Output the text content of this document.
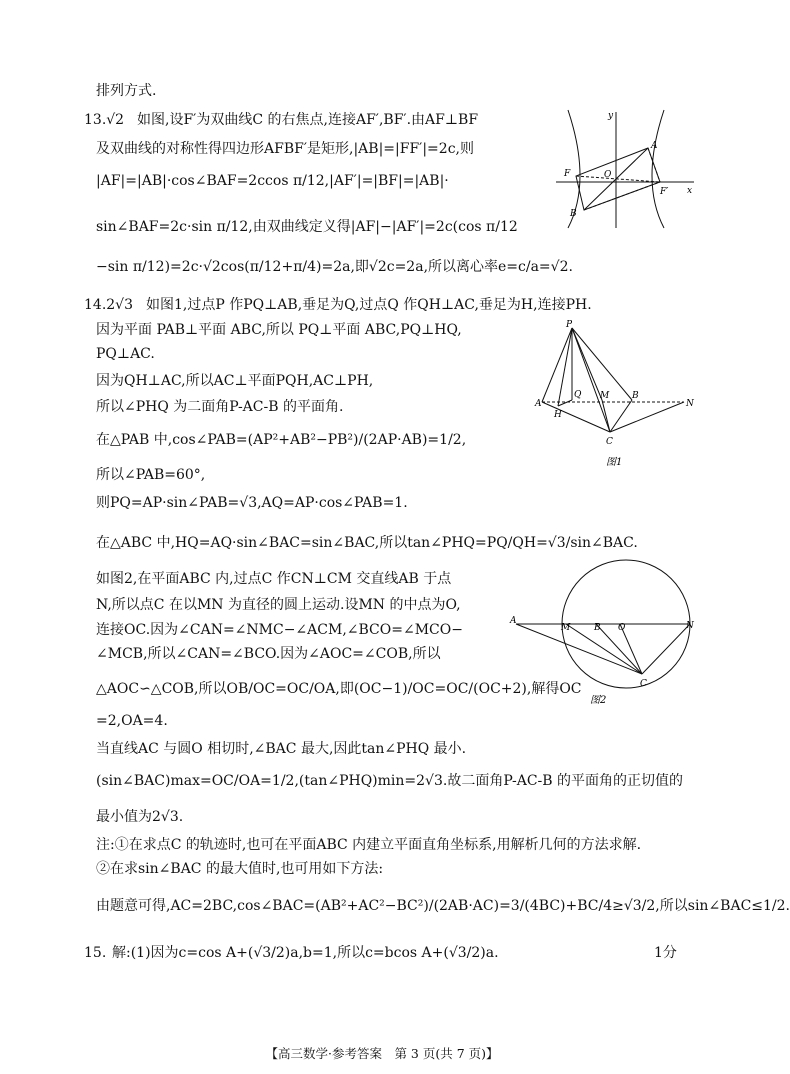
排列方式.
13.√2 如图,设F′为双曲线C 的右焦点,连接AF′,BF′.由AF⊥BF
及双曲线的对称性得四边形AFBF′是矩形,|AB|=|FF′|=2c,则
|AF|=|AB|·cos∠BAF=2ccos π/12,|AF′|=|BF|=|AB|·
sin∠BAF=2c·sin π/12,由双曲线定义得|AF|−|AF′|=2c(cos π/12
−sin π/12)=2c·√2cos(π/12+π/4)=2a,即√2c=2a,所以离心率e=c/a=√2.
14.2√3 如图1,过点P 作PQ⊥AB,垂足为Q,过点Q 作QH⊥AC,垂足为H,连接PH.
因为平面 PAB⊥平面 ABC,所以 PQ⊥平面 ABC,PQ⊥HQ,
PQ⊥AC.
因为QH⊥AC,所以AC⊥平面PQH,AC⊥PH,
所以∠PHQ 为二面角P-AC-B 的平面角.
在△PAB 中,cos∠PAB=(AP²+AB²−PB²)/(2AP·AB)=1/2,
所以∠PAB=60°,
则PQ=AP·sin∠PAB=√3,AQ=AP·cos∠PAB=1.
在△ABC 中,HQ=AQ·sin∠BAC=sin∠BAC,所以tan∠PHQ=PQ/QH=√3/sin∠BAC.
如图2,在平面ABC 内,过点C 作CN⊥CM 交直线AB 于点
N,所以点C 在以MN 为直径的圆上运动.设MN 的中点为O,
连接OC.因为∠CAN=∠NMC−∠ACM,∠BCO=∠MCO−
∠MCB,所以∠CAN=∠BCO.因为∠AOC=∠COB,所以
△AOC∽△COB,所以OB/OC=OC/OA,即(OC−1)/OC=OC/(OC+2),解得OC
=2,OA=4.
当直线AC 与圆O 相切时,∠BAC 最大,因此tan∠PHQ 最小.
(sin∠BAC)max=OC/OA=1/2,(tan∠PHQ)min=2√3.故二面角P-AC-B 的平面角的正切值的
最小值为2√3.
注:①在求点C 的轨迹时,也可在平面ABC 内建立平面直角坐标系,用解析几何的方法求解.
②在求sin∠BAC 的最大值时,也可用如下方法:
由题意可得,AC=2BC,cos∠BAC=(AB²+AC²−BC²)/(2AB·AC)=3/(4BC)+BC/4≥√3/2,所以sin∠BAC≤1/2.
15. 解:(1)因为c=cos A+(√3/2)a,b=1,所以c=bcos A+(√3/2)a.	1分
y
A
F	O
F′ x
B
P
A
H
Q M	B
N
C
图1
A
M	B O	N
C
图2
【高三数学·参考答案　第 3 页(共 7 页)】
